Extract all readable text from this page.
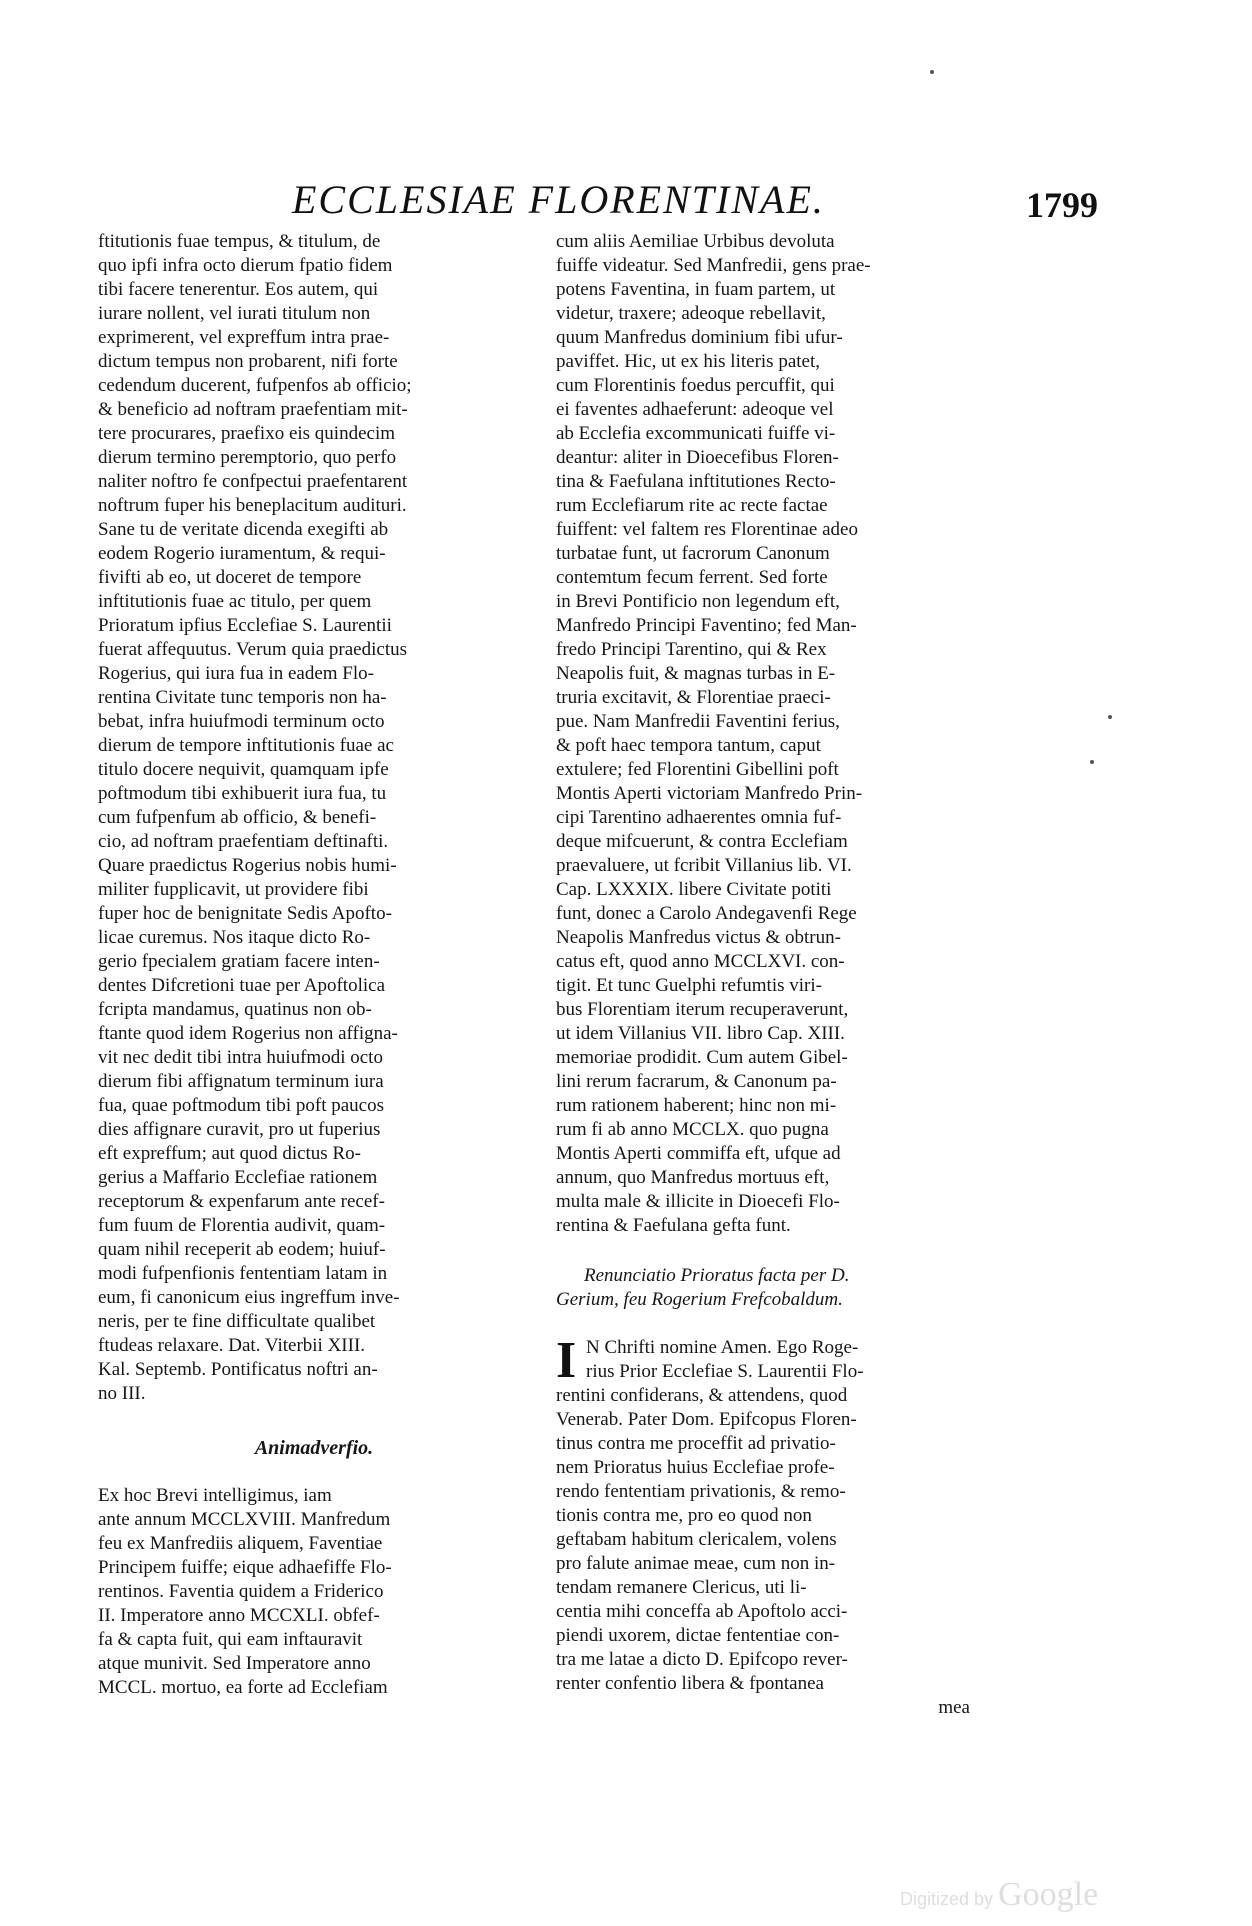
ECCLESIAE FLORENTINAE.	1799
ftitutionis fuae tempus, & titulum, de
quo ipfi infra octo dierum fpatio fidem
tibi facere tenerentur. Eos autem, qui
iurare nollent, vel iurati titulum non
exprimerent, vel expreffum intra prae-
dictum tempus non probarent, nifi forte
cedendum ducerent, fufpenfos ab officio;
& beneficio ad noftram praefentiam mit-
tere procurares, praefixo eis quindecim
dierum termino peremptorio, quo perfo
naliter noftro fe confpectui praefentarent
noftrum fuper his beneplacitum audituri.
Sane tu de veritate dicenda exegifti ab
eodem Rogerio iuramentum, & requi-
fivifti ab eo, ut doceret de tempore
inftitutionis fuae ac titulo, per quem
Prioratum ipfius Ecclefiae S. Laurentii
fuerat affequutus. Verum quia praedictus
Rogerius, qui iura fua in eadem Flo-
rentina Civitate tunc temporis non ha-
bebat, infra huiufmodi terminum octo
dierum de tempore inftitutionis fuae ac
titulo docere nequivit, quamquam ipfe
poftmodum tibi exhibuerit iura fua, tu
cum fufpenfum ab officio, & benefi-
cio, ad noftram praefentiam deftinafti.
Quare praedictus Rogerius nobis humi-
militer fupplicavit, ut providere fibi
fuper hoc de benignitate Sedis Apofto-
licae curemus. Nos itaque dicto Ro-
gerio fpecialem gratiam facere inten-
dentes Difcretioni tuae per Apoftolica
fcripta mandamus, quatinus non ob-
ftante quod idem Rogerius non affigna-
vit nec dedit tibi intra huiufmodi octo
dierum fibi affignatum terminum iura
fua, quae poftmodum tibi poft paucos
dies affignare curavit, pro ut fuperius
eft expreffum; aut quod dictus Ro-
gerius a Maffario Ecclefiae rationem
receptorum & expenfarum ante recef-
fum fuum de Florentia audivit, quam-
quam nihil receperit ab eodem; huiuf-
modi fufpenfionis fententiam latam in
eum, fi canonicum eius ingreffum inve-
neris, per te fine difficultate qualibet
ftudeas relaxare. Dat. Viterbii XIII.
Kal. Septemb. Pontificatus noftri an-
no III.
Animadverfio.
Ex hoc Brevi intelligimus, iam
ante annum MCCLXVIII. Manfredum
feu ex Manfrediis aliquem, Faventiae
Principem fuiffe; eique adhaefiffe Flo-
rentinos. Faventia quidem a Friderico
II. Imperatore anno MCCXLI. obfef-
fa & capta fuit, qui eam inftauravit
atque munivit. Sed Imperatore anno
MCCL. mortuo, ea forte ad Ecclefiam
cum aliis Aemiliae Urbibus devoluta
fuiffe videatur. Sed Manfredii, gens prae-
potens Faventina, in fuam partem, ut
videtur, traxere; adeoque rebellavit,
quum Manfredus dominium fibi ufur-
paviffet. Hic, ut ex his literis patet,
cum Florentinis foedus percuffit, qui
ei faventes adhaeferunt: adeoque vel
ab Ecclefia excommunicati fuiffe vi-
deantur: aliter in Dioecefibus Floren-
tina & Faefulana inftitutiones Recto-
rum Ecclefiarum rite ac recte factae
fuiffent: vel faltem res Florentinae adeo
turbatae funt, ut facrorum Canonum
contemtum fecum ferrent. Sed forte
in Brevi Pontificio non legendum eft,
Manfredo Principi Faventino; fed Man-
fredo Principi Tarentino, qui & Rex
Neapolis fuit, & magnas turbas in E-
truria excitavit, & Florentiae praeci-
pue. Nam Manfredii Faventini ferius,
& poft haec tempora tantum, caput
extulere; fed Florentini Gibellini poft
Montis Aperti victoriam Manfredo Prin-
cipi Tarentino adhaerentes omnia fuf-
deque mifcuerunt, & contra Ecclefiam
praevaluere, ut fcribit Villanius lib. VI.
Cap. LXXXIX. libere Civitate potiti
funt, donec a Carolo Andegavenfi Rege
Neapolis Manfredus victus & obtrun-
catus eft, quod anno MCCLXVI. con-
tigit. Et tunc Guelphi refumtis viri-
bus Florentiam iterum recuperaverunt,
ut idem Villanius VII. libro Cap. XIII.
memoriae prodidit. Cum autem Gibel-
lini rerum facrarum, & Canonum pa-
rum rationem haberent; hinc non mi-
rum fi ab anno MCCLX. quo pugna
Montis Aperti commiffa eft, ufque ad
annum, quo Manfredus mortuus eft,
multa male & illicite in Dioecefi Flo-
rentina & Faefulana gefta funt.
Renunciatio Prioratus facta per D.
Gerium, feu Rogerium Frefcobaldum.
I N Chrifti nomine Amen. Ego Roge-
rius Prior Ecclefiae S. Laurentii Flo-
rentini confiderans, & attendens, quod
Venerab. Pater Dom. Epifcopus Floren-
tinus contra me proceffit ad privatio-
nem Prioratus huius Ecclefiae profe-
rendo fententiam privationis, & remo-
tionis contra me, pro eo quod non
geftabam habitum clericalem, volens
pro falute animae meae, cum non in-
tendam remanere Clericus, uti li-
centia mihi conceffa ab Apoftolo acci-
piendi uxorem, dictae fententiae con-
tra me latae a dicto D. Epifcopo rever-
renter confentio libera & fpontanea
mea
Digitized by Google
